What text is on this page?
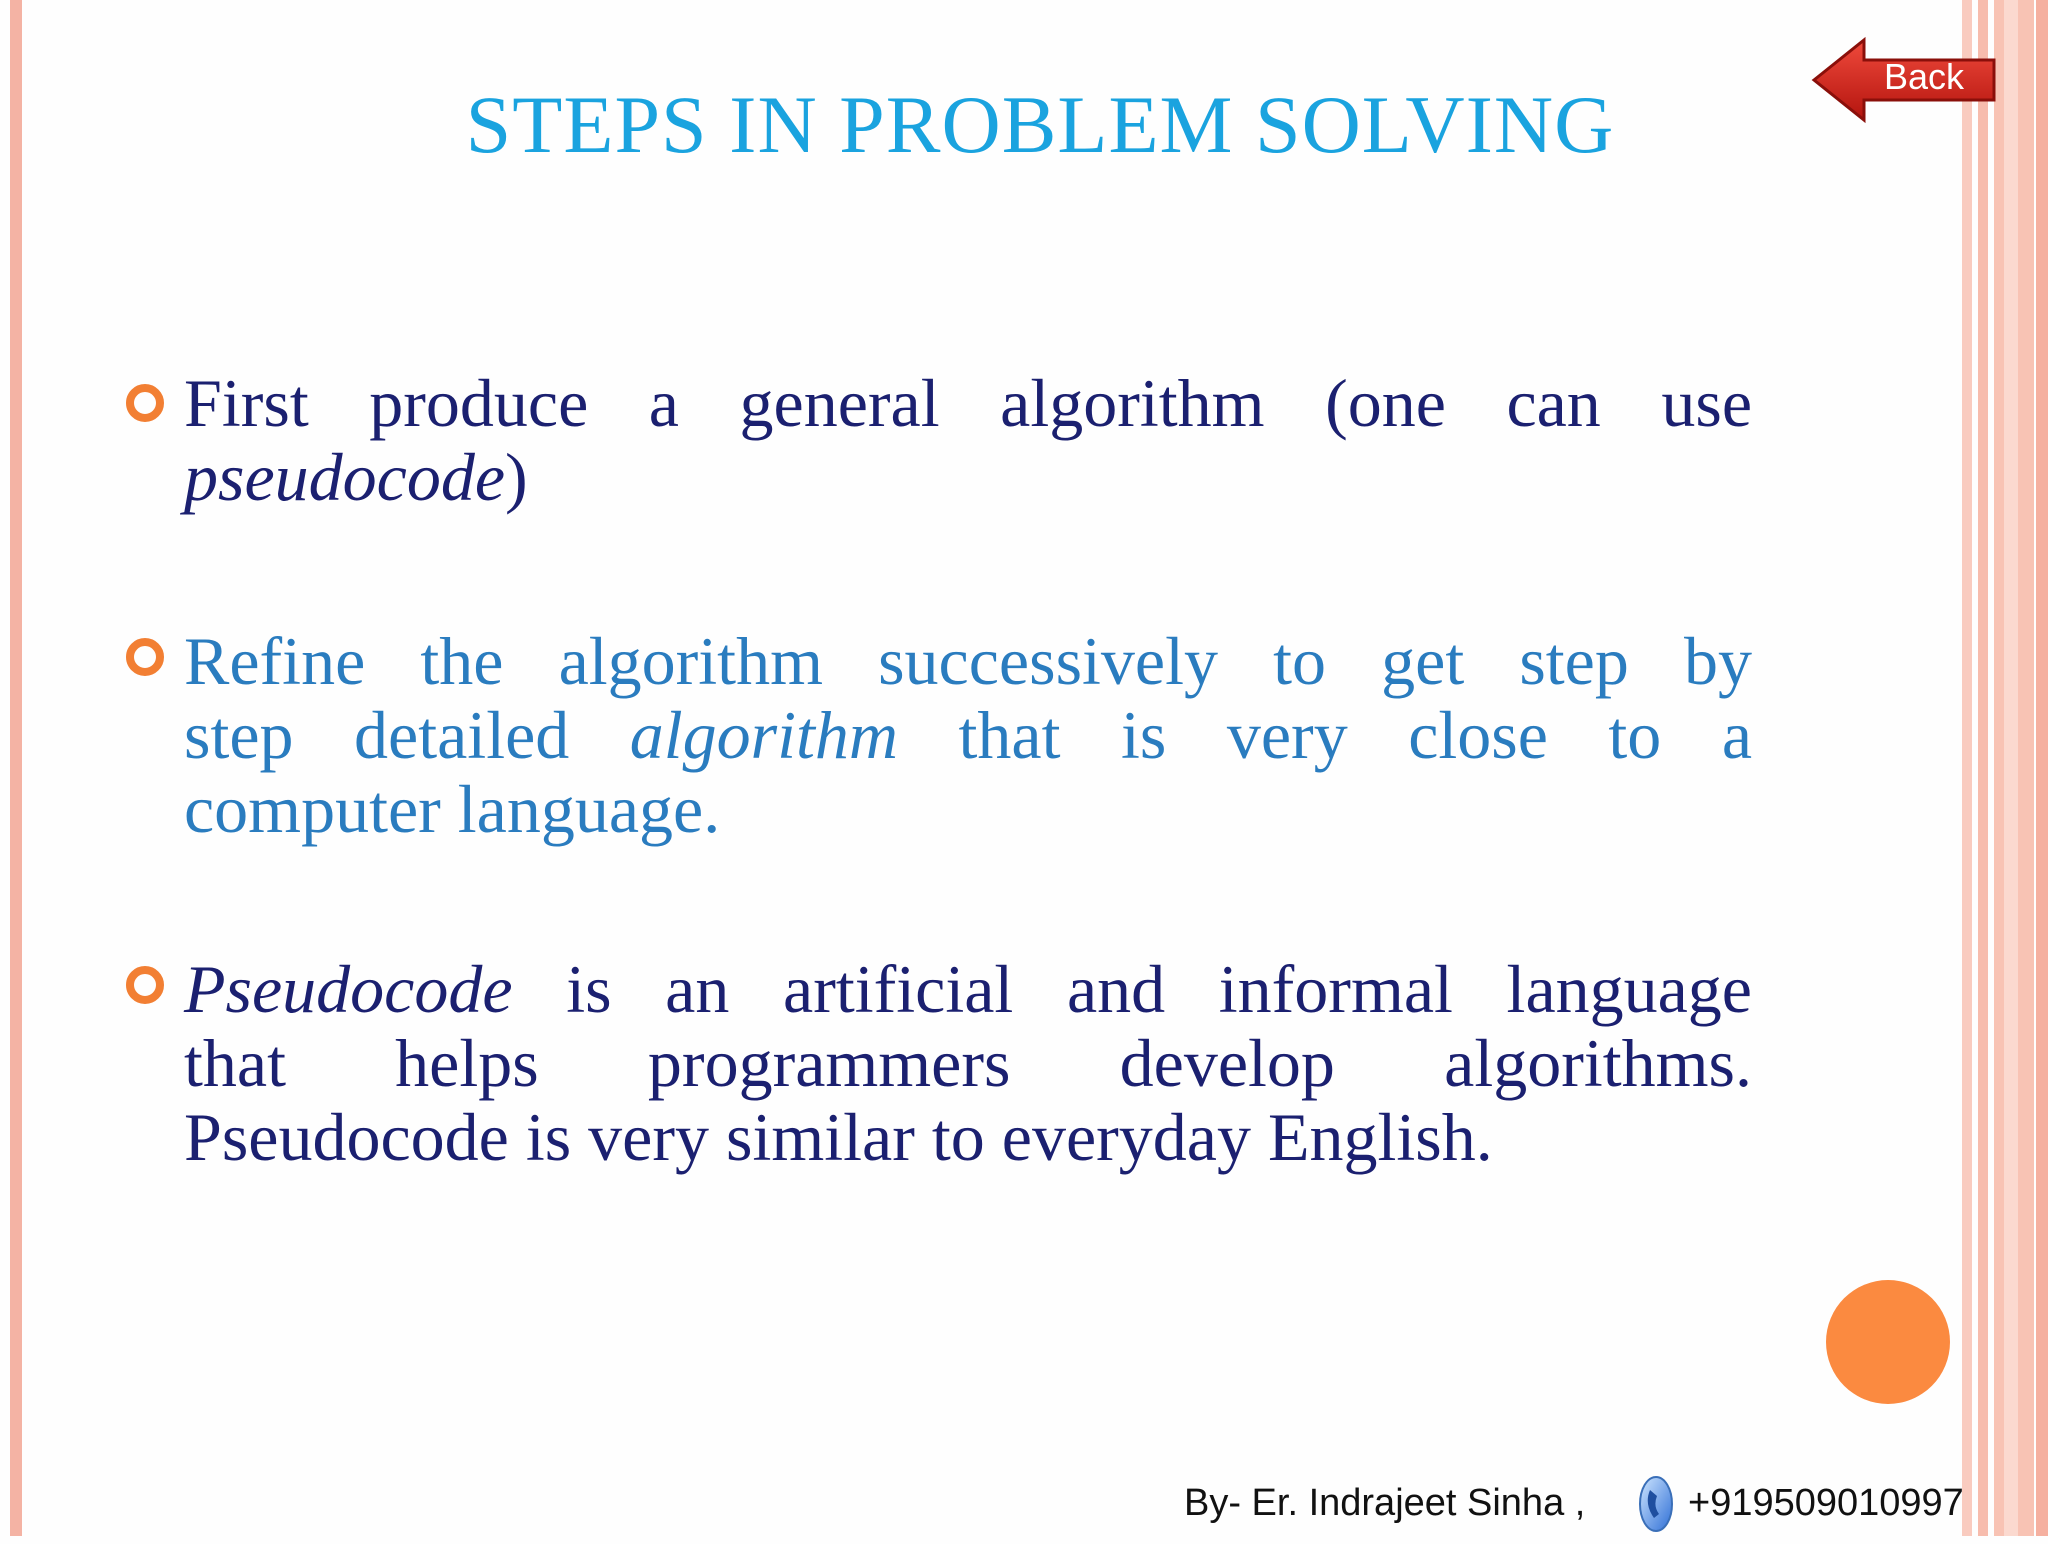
STEPS IN PROBLEM SOLVING
Back
First produce a general algorithm (one can use
pseudocode)
Refine the algorithm successively to get step by
step detailed algorithm that is very close to a
computer language.
Pseudocode is an artificial and informal language
that helps programmers develop algorithms.
Pseudocode is very similar to everyday English.
By- Er. Indrajeet Sinha ,	+919509010997
